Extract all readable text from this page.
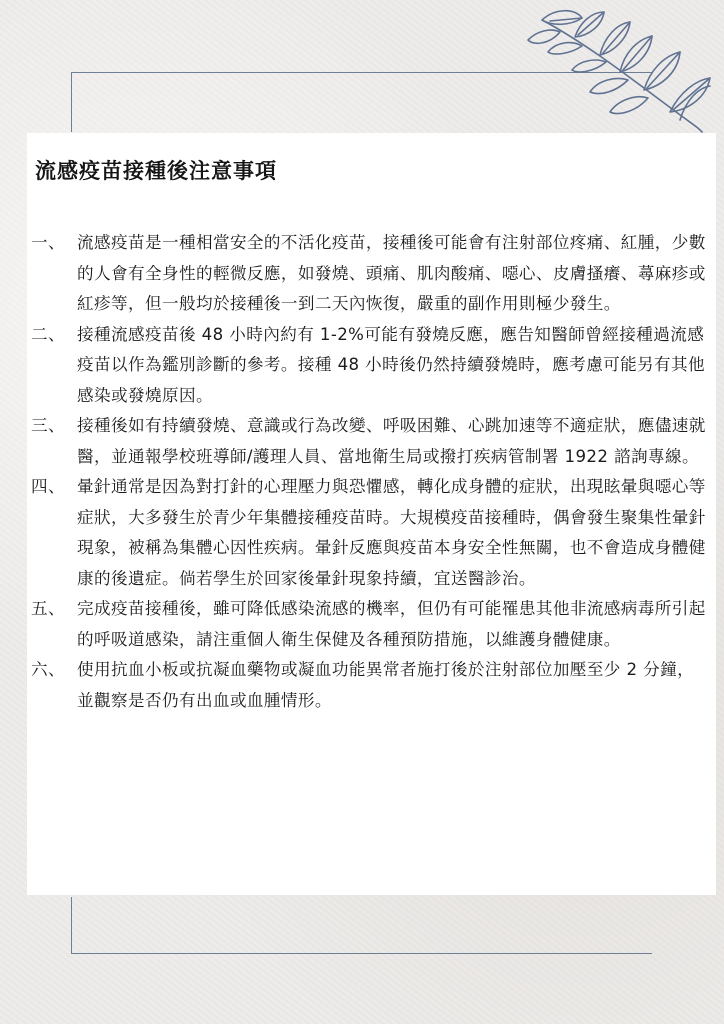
流感疫苗接種後注意事項
一、 流感疫苗是一種相當安全的不活化疫苗，接種後可能會有注射部位疼痛、紅腫，少數的人會有全身性的輕微反應，如發燒、頭痛、肌肉酸痛、噁心、皮膚搔癢、蕁麻疹或紅疹等，但一般均於接種後一到二天內恢復，嚴重的副作用則極少發生。
二、 接種流感疫苗後 48 小時內約有 1-2%可能有發燒反應，應告知醫師曾經接種過流感疫苗以作為鑑別診斷的參考。接種 48 小時後仍然持續發燒時，應考慮可能另有其他感染或發燒原因。
三、 接種後如有持續發燒、意識或行為改變、呼吸困難、心跳加速等不適症狀，應儘速就醫，並通報學校班導師/護理人員、當地衛生局或撥打疾病管制署 1922 諮詢專線。
四、 暈針通常是因為對打針的心理壓力與恐懼感，轉化成身體的症狀，出現眩暈與噁心等症狀，大多發生於青少年集體接種疫苗時。大規模疫苗接種時，偶會發生聚集性暈針現象，被稱為集體心因性疾病。暈針反應與疫苗本身安全性無關，也不會造成身體健康的後遺症。倘若學生於回家後暈針現象持續，宜送醫診治。
五、 完成疫苗接種後，雖可降低感染流感的機率，但仍有可能罹患其他非流感病毒所引起的呼吸道感染，請注重個人衛生保健及各種預防措施，以維護身體健康。
六、 使用抗血小板或抗凝血藥物或凝血功能異常者施打後於注射部位加壓至少 2 分鐘，並觀察是否仍有出血或血腫情形。
